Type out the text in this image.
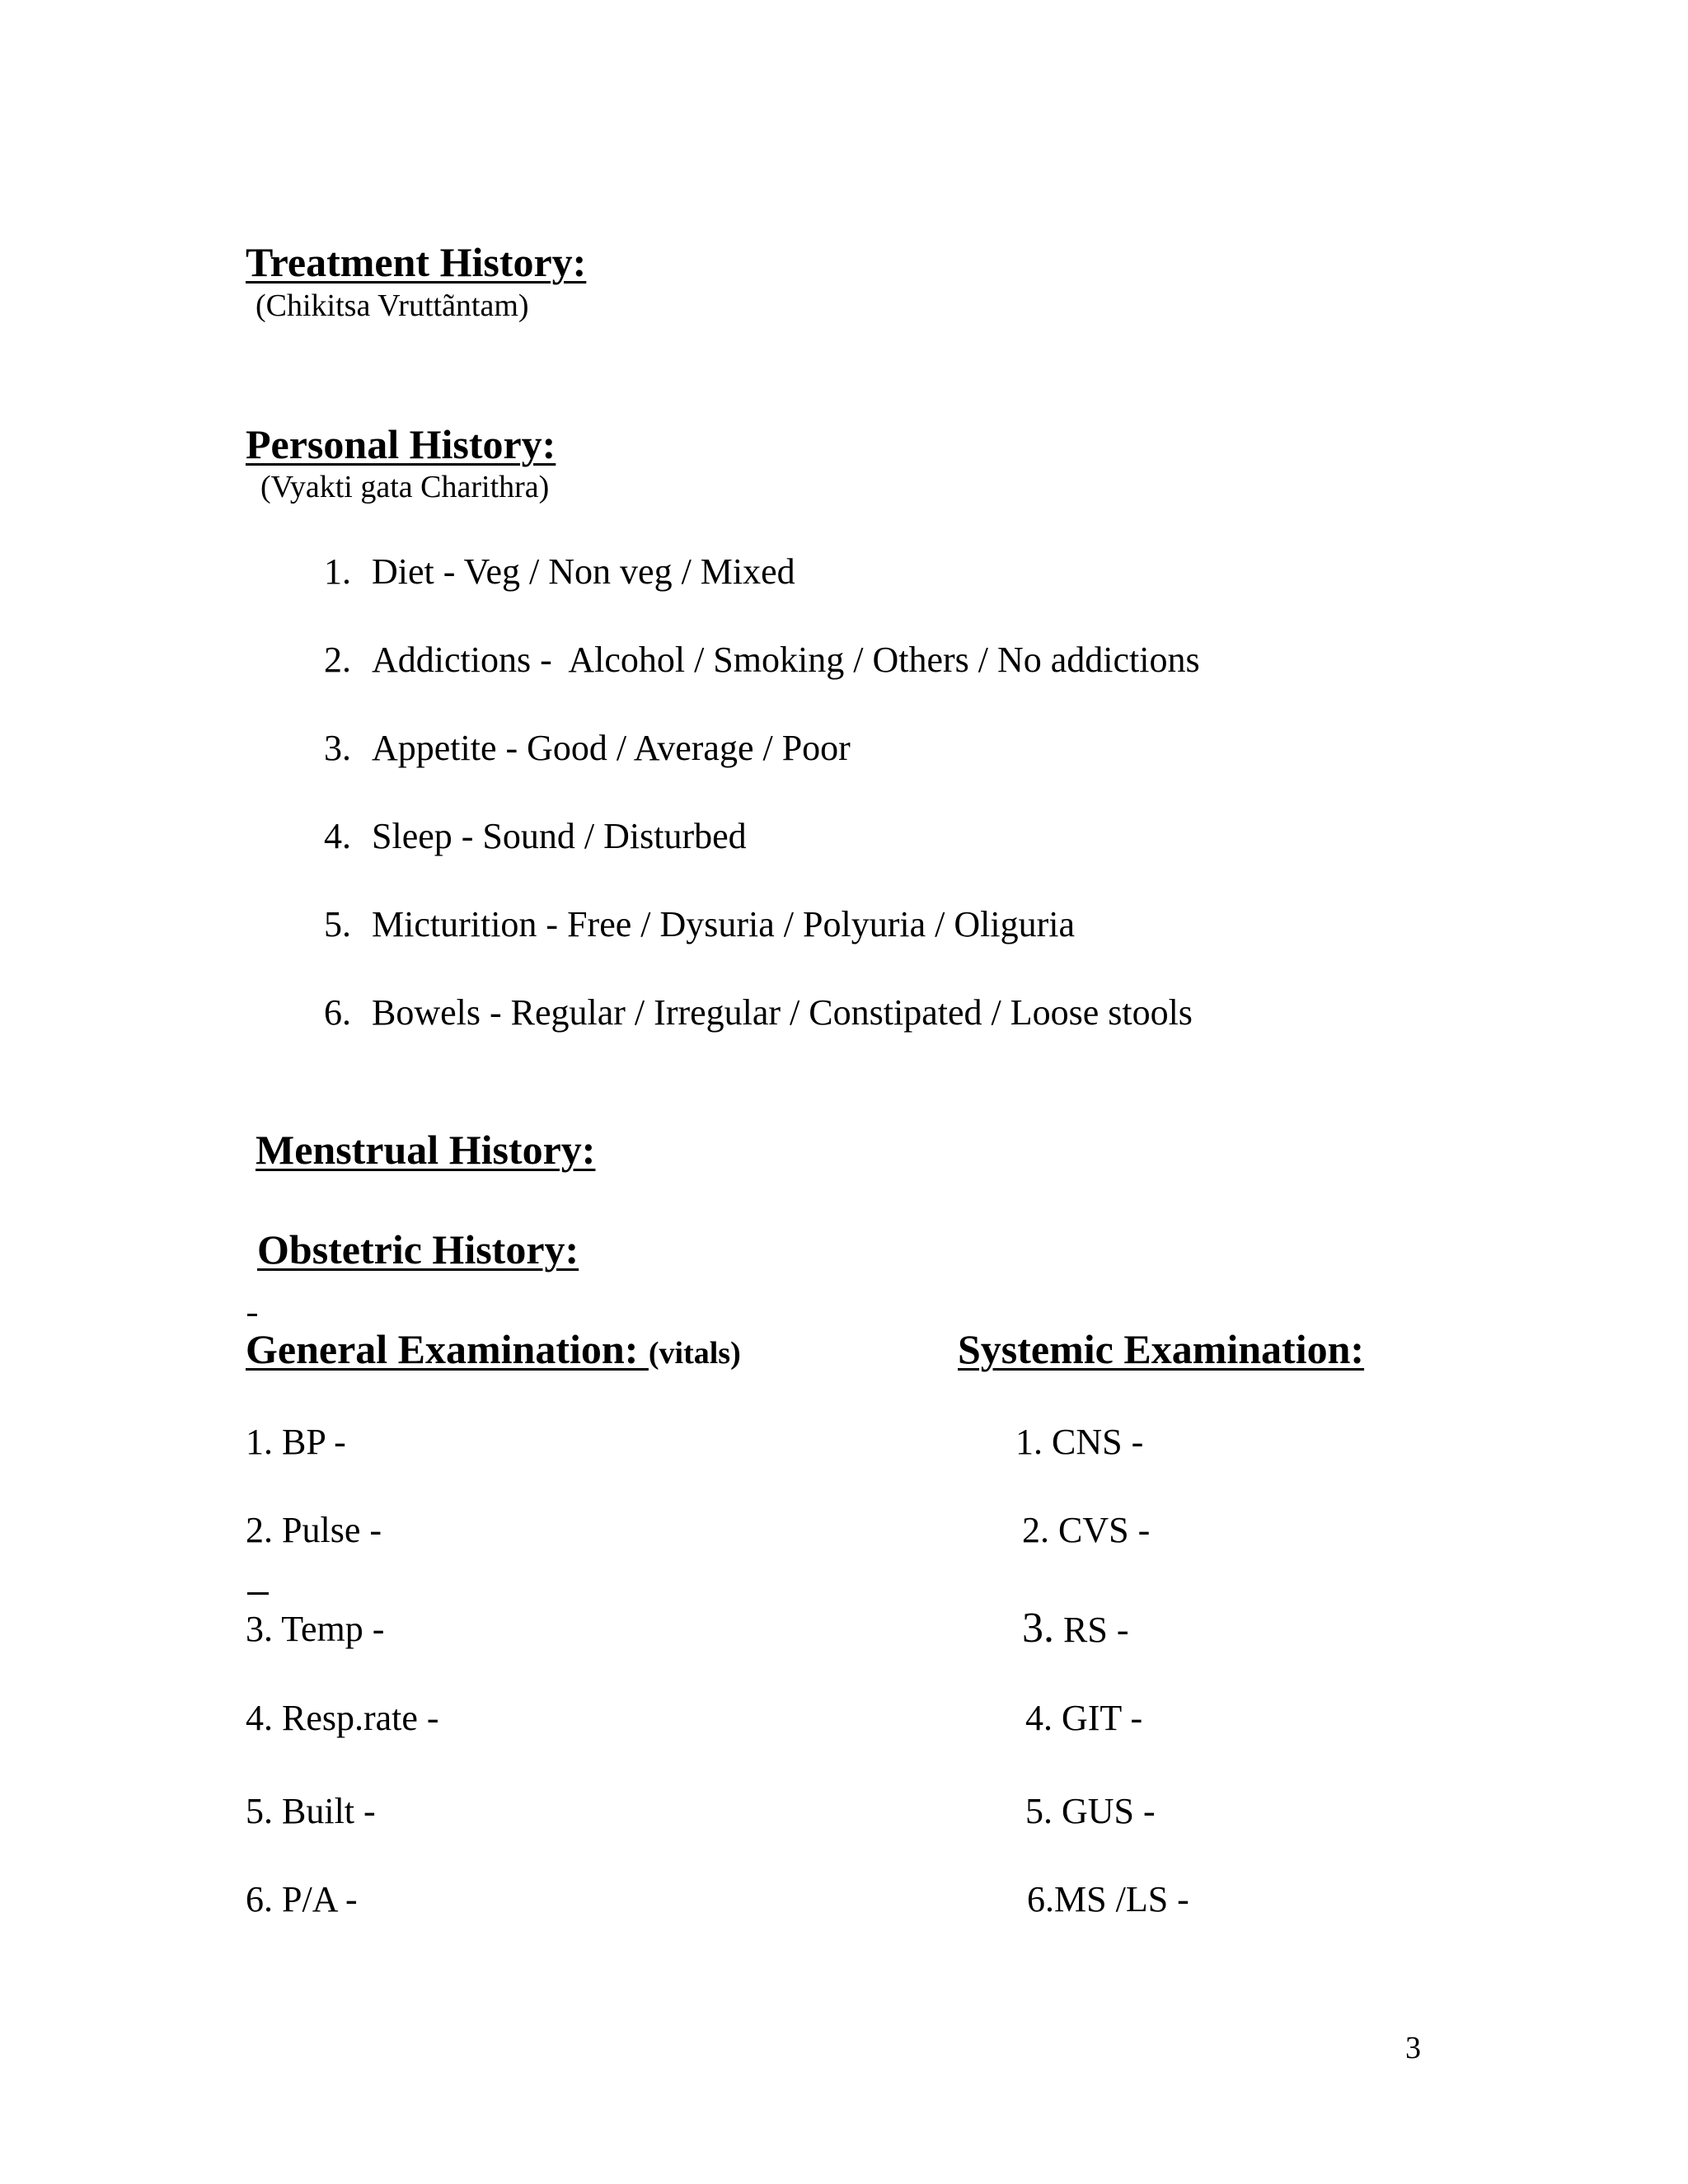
Treatment History:
(Chikitsa Vruttãntam)
Personal History:
(Vyakti gata Charithra)
1. Diet - Veg / Non veg / Mixed
2. Addictions -  Alcohol / Smoking / Others / No addictions
3. Appetite - Good / Average / Poor
4. Sleep - Sound / Disturbed
5. Micturition - Free / Dysuria / Polyuria / Oliguria
6. Bowels - Regular / Irregular / Constipated / Loose stools
Menstrual History:
Obstetric History:
General Examination: (vitals)	Systemic Examination:
1. BP -
2. Pulse -
3. Temp -
4. Resp.rate -
5. Built -
6. P/A -
1. CNS -
2. CVS -
3. RS -
4. GIT -
5. GUS -
6.MS /LS -
3
